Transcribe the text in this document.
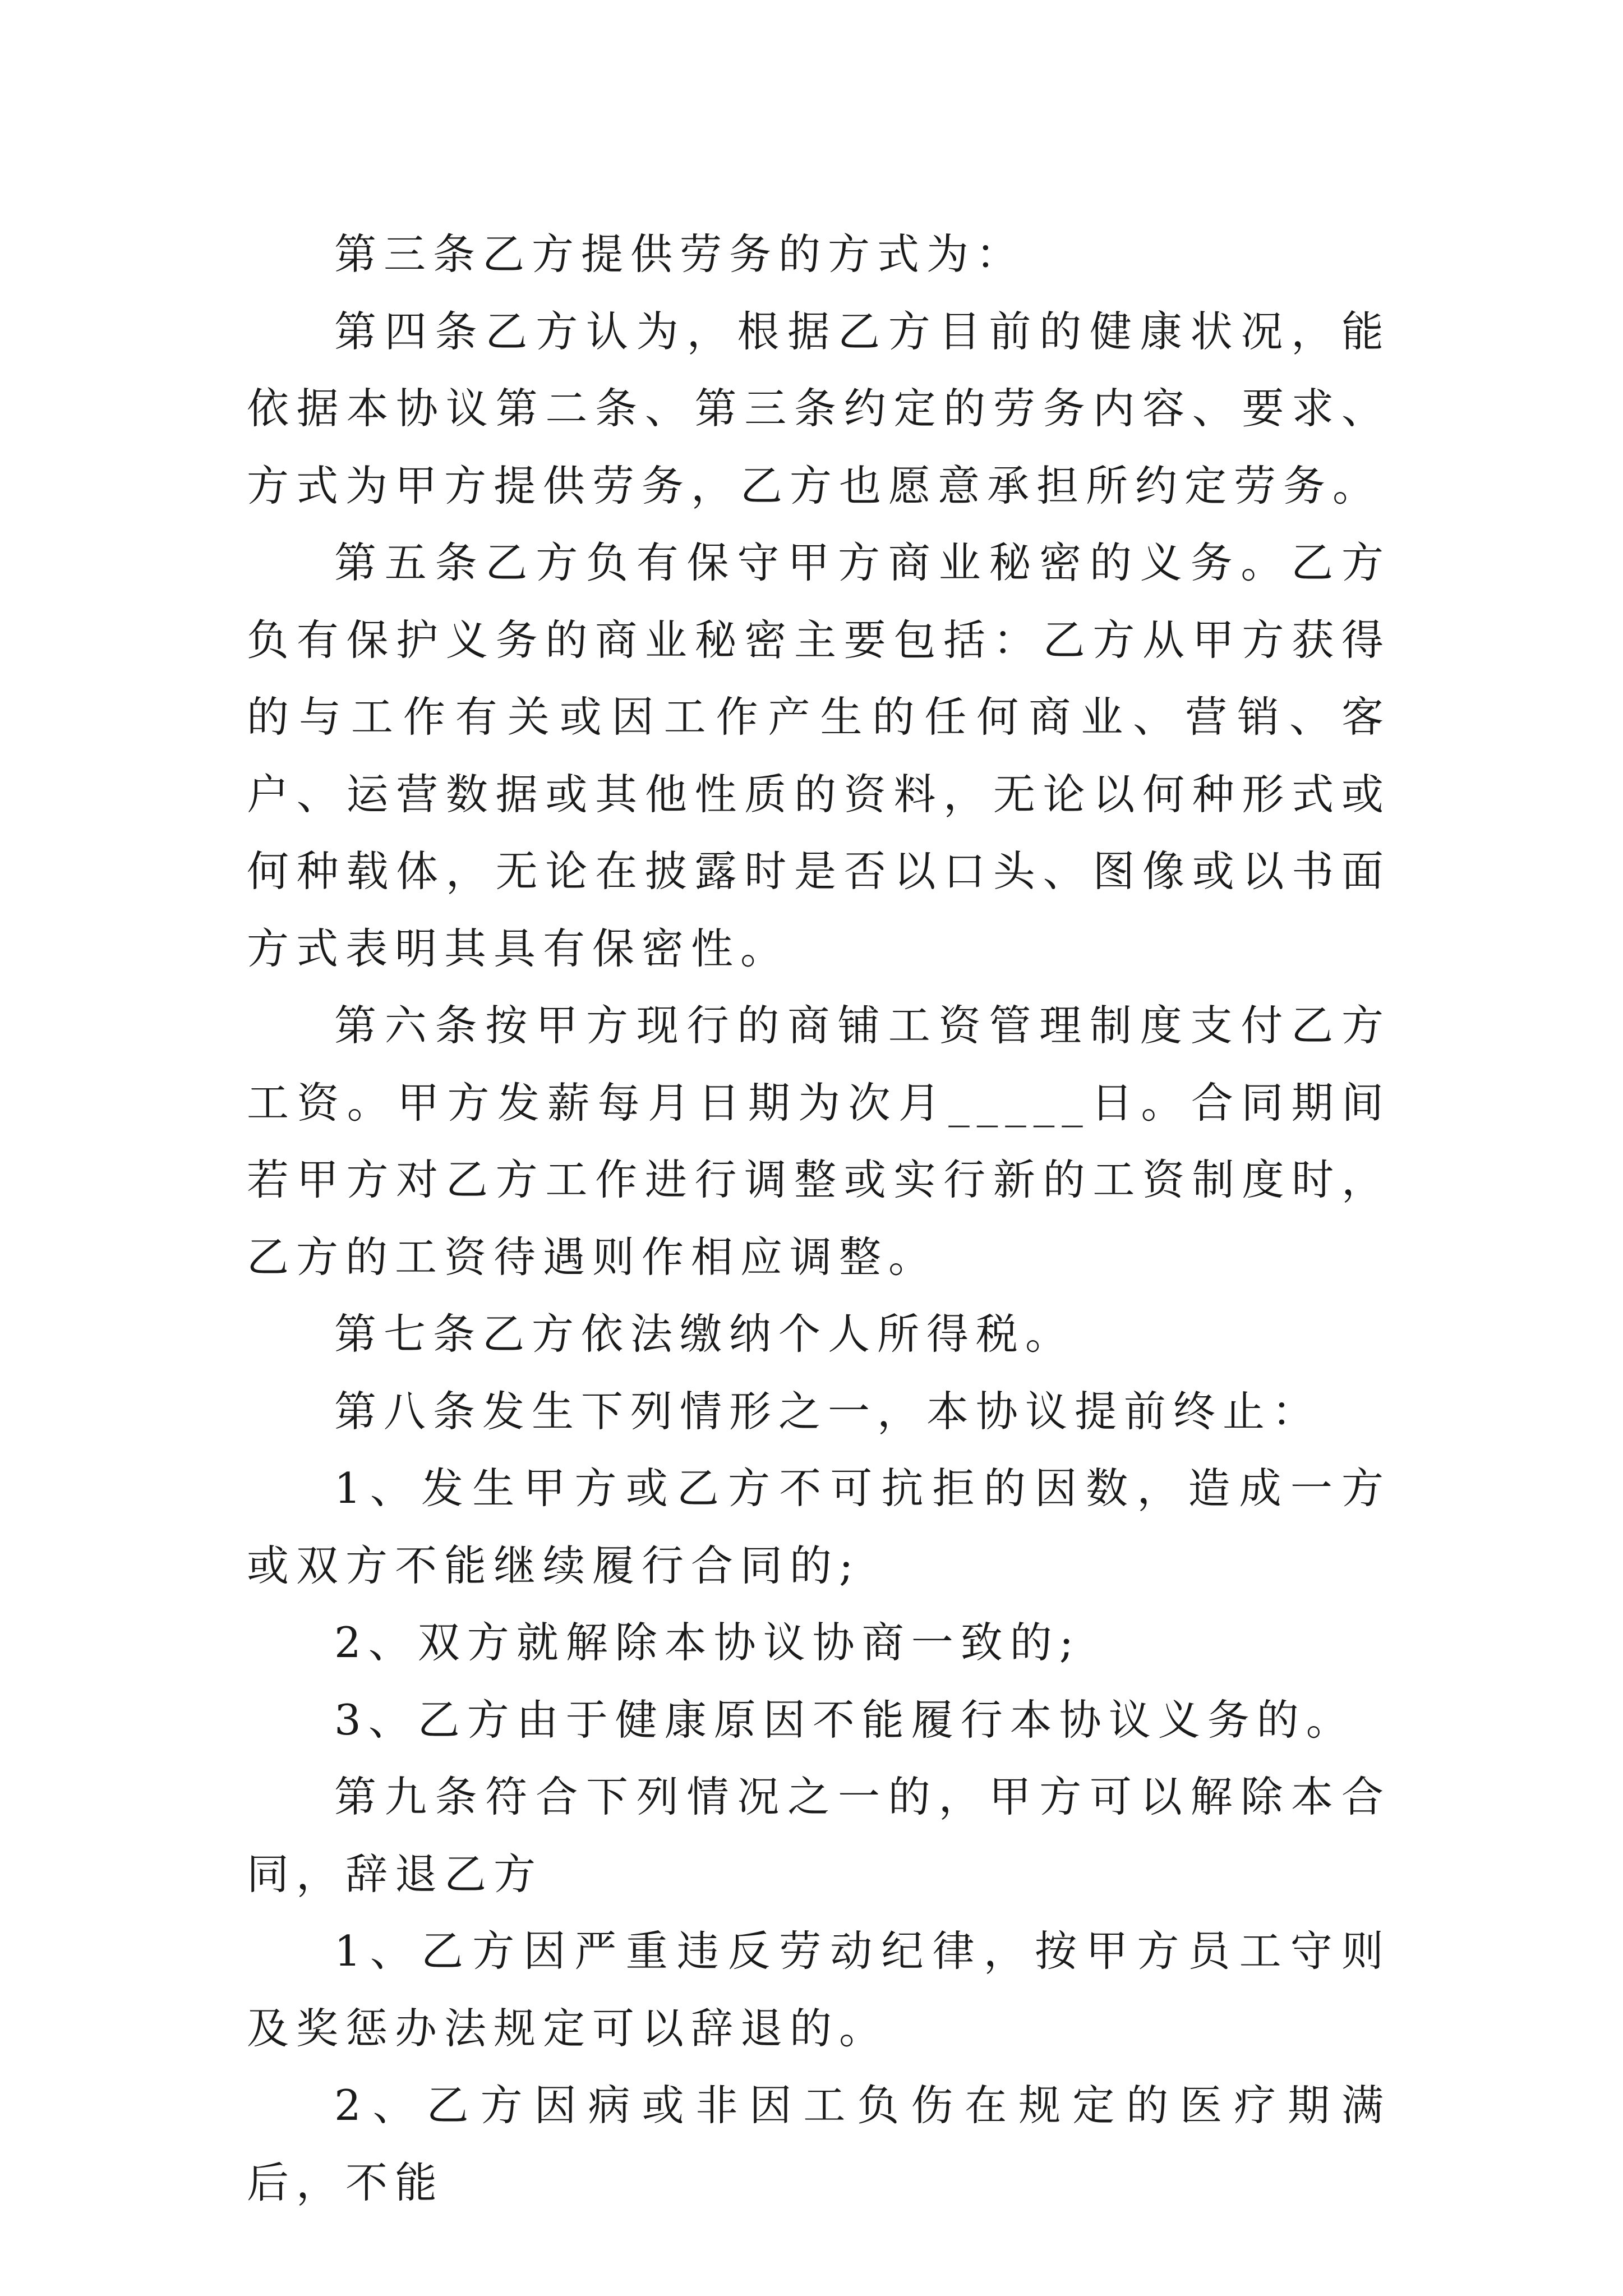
第三条乙方提供劳务的方式为：

第四条乙方认为，根据乙方目前的健康状况，能依据本协议第二条、第三条约定的劳务内容、要求、方式为甲方提供劳务，乙方也愿意承担所约定劳务。

第五条乙方负有保守甲方商业秘密的义务。乙方负有保护义务的商业秘密主要包括：乙方从甲方获得的与工作有关或因工作产生的任何商业、营销、客户、运营数据或其他性质的资料，无论以何种形式或何种载体，无论在披露时是否以口头、图像或以书面方式表明其具有保密性。

第六条按甲方现行的商铺工资管理制度支付乙方工资。甲方发薪每月日期为次月_____日。合同期间若甲方对乙方工作进行调整或实行新的工资制度时，乙方的工资待遇则作相应调整。

第七条乙方依法缴纳个人所得税。

第八条发生下列情形之一，本协议提前终止：

1、发生甲方或乙方不可抗拒的因数，造成一方或双方不能继续履行合同的;

2、双方就解除本协议协商一致的;

3、乙方由于健康原因不能履行本协议义务的。

第九条符合下列情况之一的，甲方可以解除本合同，辞退乙方

1、乙方因严重违反劳动纪律，按甲方员工守则及奖惩办法规定可以辞退的。

2、乙方因病或非因工负伤在规定的医疗期满后，不能
